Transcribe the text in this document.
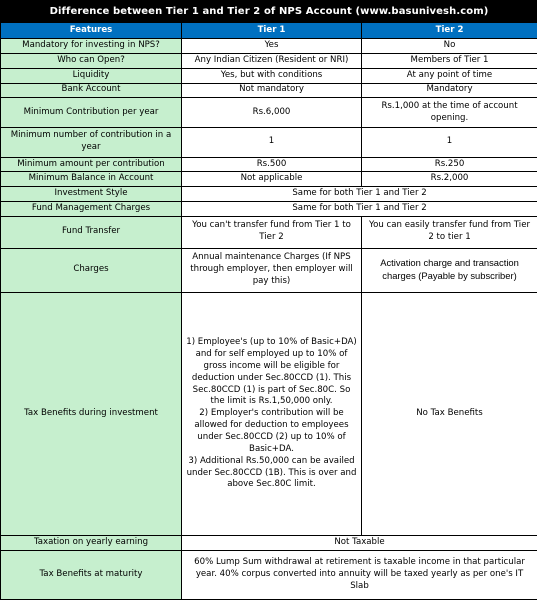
Difference between Tier 1 and Tier 2 of NPS Account (www.basunivesh.com)		
Features	Tier 1	Tier 2
Mandatory for investing in NPS?	Yes	No
Who can Open?	Any Indian Citizen (Resident or NRI)	Members of Tier 1
Liquidity	Yes, but with conditions	At any point of time
Bank Account	Not mandatory	Mandatory
Minimum Contribution per year	Rs.6,000	Rs.1,000 at the time of account opening.
Minimum number of contribution in a year	1	1
Minimum amount per contribution	Rs.500	Rs.250
Minimum Balance in Account	Not applicable	Rs.2,000
Investment Style	Same for both Tier 1 and Tier 2	
Fund Management Charges	Same for both Tier 1 and Tier 2	
Fund Transfer	You can't transfer fund from Tier 1 to Tier 2	You can easily transfer fund from Tier 2 to tier 1
Charges	Annual maintenance Charges (If NPS through employer, then employer will pay this)	Activation charge and transaction charges (Payable by subscriber)
Tax Benefits during investment	1) Employee's (up to 10% of Basic+DA) and for self employed up to 10% of gross income will be eligible for deduction under Sec.80CCD (1). This Sec.80CCD (1) is part of Sec.80C. So the limit is Rs.1,50,000 only.
2) Employer's contribution will be allowed for deduction to employees under Sec.80CCD (2) up to 10% of Basic+DA.
3) Additional Rs.50,000 can be availed under Sec.80CCD (1B). This is over and above Sec.80C limit.	No Tax Benefits
Taxation on yearly earning	Not Taxable	
Tax Benefits at maturity	60% Lump Sum withdrawal at retirement is taxable income in that particular year. 40% corpus converted into annuity will be taxed yearly as per one's IT Slab	
